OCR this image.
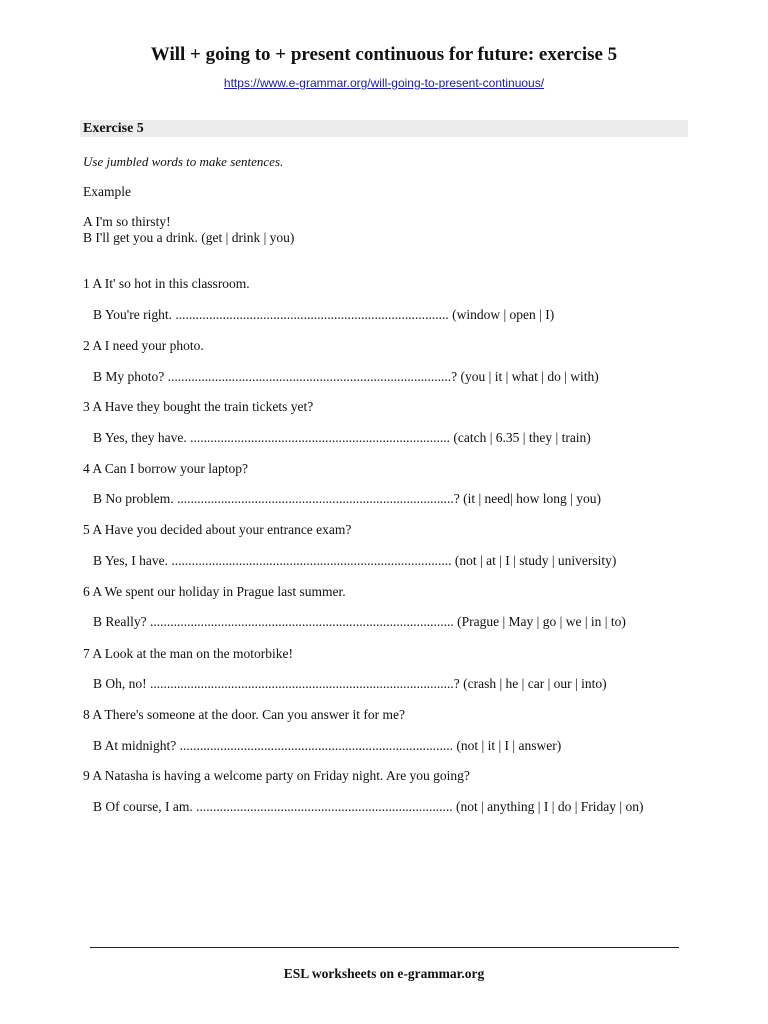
Will + going to + present continuous for future: exercise 5
https://www.e-grammar.org/will-going-to-present-continuous/
Exercise 5
Use jumbled words to make sentences.
Example
A I'm so thirsty!
B I'll get you a drink. (get | drink | you)
1 A It' so hot in this classroom.
B You're right. ................................................................................. (window | open | I)
2 A I need your photo.
B My photo? ....................................................................................? (you | it | what | do | with)
3 A Have they bought the train tickets yet?
B Yes, they have. ............................................................................. (catch | 6.35 | they | train)
4 A Can I borrow your laptop?
B No problem. ..................................................................................? (it | need| how long | you)
5 A Have you decided about your entrance exam?
B Yes, I have. ................................................................................... (not | at | I | study | university)
6 A We spent our holiday in Prague last summer.
B Really? .......................................................................................... (Prague | May | go | we | in | to)
7 A Look at the man on the motorbike!
B Oh, no! ..........................................................................................? (crash | he | car | our | into)
8 A There's someone at the door. Can you answer it for me?
B At midnight? ................................................................................. (not | it | I | answer)
9 A Natasha is having a welcome party on Friday night. Are you going?
B Of course, I am. ............................................................................ (not | anything | I | do | Friday | on)
ESL worksheets on e-grammar.org
